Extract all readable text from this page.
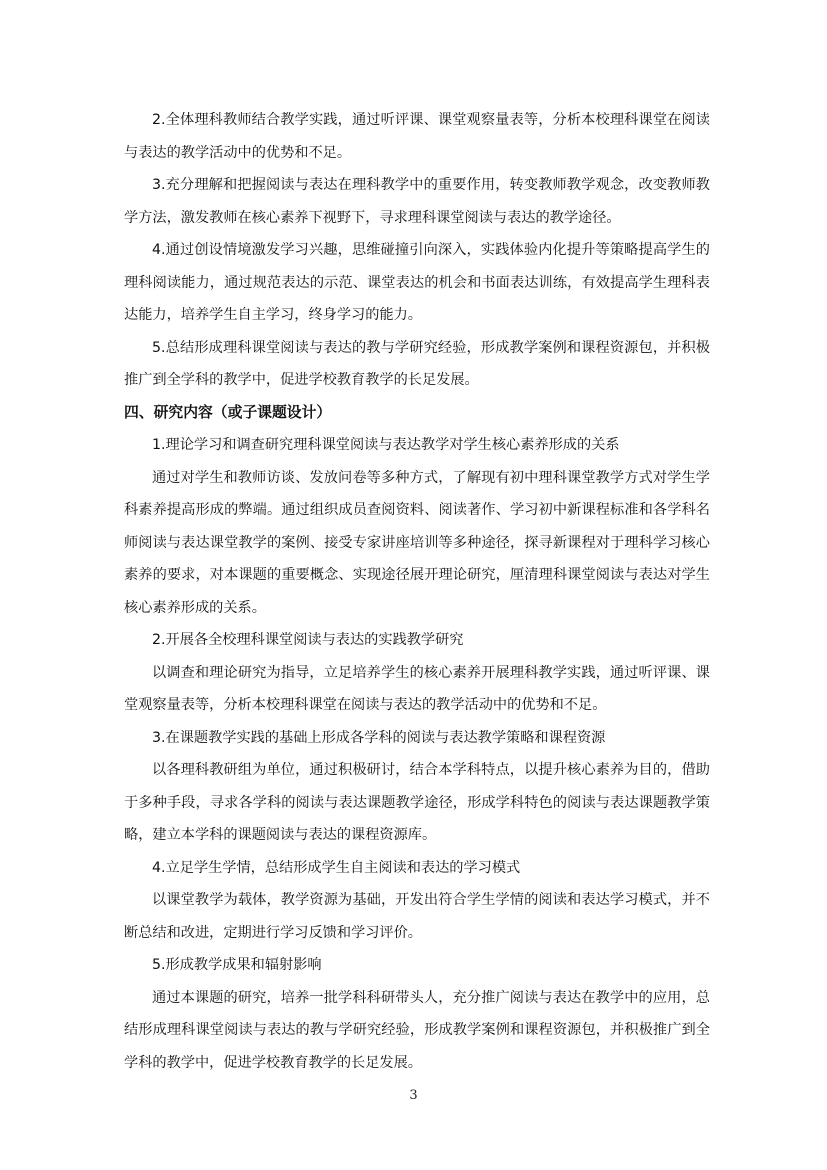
2.全体理科教师结合教学实践，通过听评课、课堂观察量表等，分析本校理科课堂在阅读与表达的教学活动中的优势和不足。

3.充分理解和把握阅读与表达在理科教学中的重要作用，转变教师教学观念，改变教师教学方法，激发教师在核心素养下视野下，寻求理科课堂阅读与表达的教学途径。

4.通过创设情境激发学习兴趣，思维碰撞引向深入，实践体验内化提升等策略提高学生的理科阅读能力，通过规范表达的示范、课堂表达的机会和书面表达训练，有效提高学生理科表达能力，培养学生自主学习，终身学习的能力。

5.总结形成理科课堂阅读与表达的教与学研究经验，形成教学案例和课程资源包，并积极推广到全学科的教学中，促进学校教育教学的长足发展。

四、研究内容（或子课题设计）

1.理论学习和调查研究理科课堂阅读与表达教学对学生核心素养形成的关系

通过对学生和教师访谈、发放问卷等多种方式，了解现有初中理科课堂教学方式对学生学科素养提高形成的弊端。通过组织成员查阅资料、阅读著作、学习初中新课程标准和各学科名师阅读与表达课堂教学的案例、接受专家讲座培训等多种途径，探寻新课程对于理科学习核心素养的要求，对本课题的重要概念、实现途径展开理论研究，厘清理科课堂阅读与表达对学生核心素养形成的关系。

2.开展各全校理科课堂阅读与表达的实践教学研究

以调查和理论研究为指导，立足培养学生的核心素养开展理科教学实践，通过听评课、课堂观察量表等，分析本校理科课堂在阅读与表达的教学活动中的优势和不足。

3.在课题教学实践的基础上形成各学科的阅读与表达教学策略和课程资源

以各理科教研组为单位，通过积极研讨，结合本学科特点，以提升核心素养为目的，借助于多种手段，寻求各学科的阅读与表达课题教学途径，形成学科特色的阅读与表达课题教学策略，建立本学科的课题阅读与表达的课程资源库。

4.立足学生学情，总结形成学生自主阅读和表达的学习模式

以课堂教学为载体，教学资源为基础，开发出符合学生学情的阅读和表达学习模式，并不断总结和改进，定期进行学习反馈和学习评价。

5.形成教学成果和辐射影响

通过本课题的研究，培养一批学科科研带头人，充分推广阅读与表达在教学中的应用，总结形成理科课堂阅读与表达的教与学研究经验，形成教学案例和课程资源包，并积极推广到全学科的教学中，促进学校教育教学的长足发展。

3
